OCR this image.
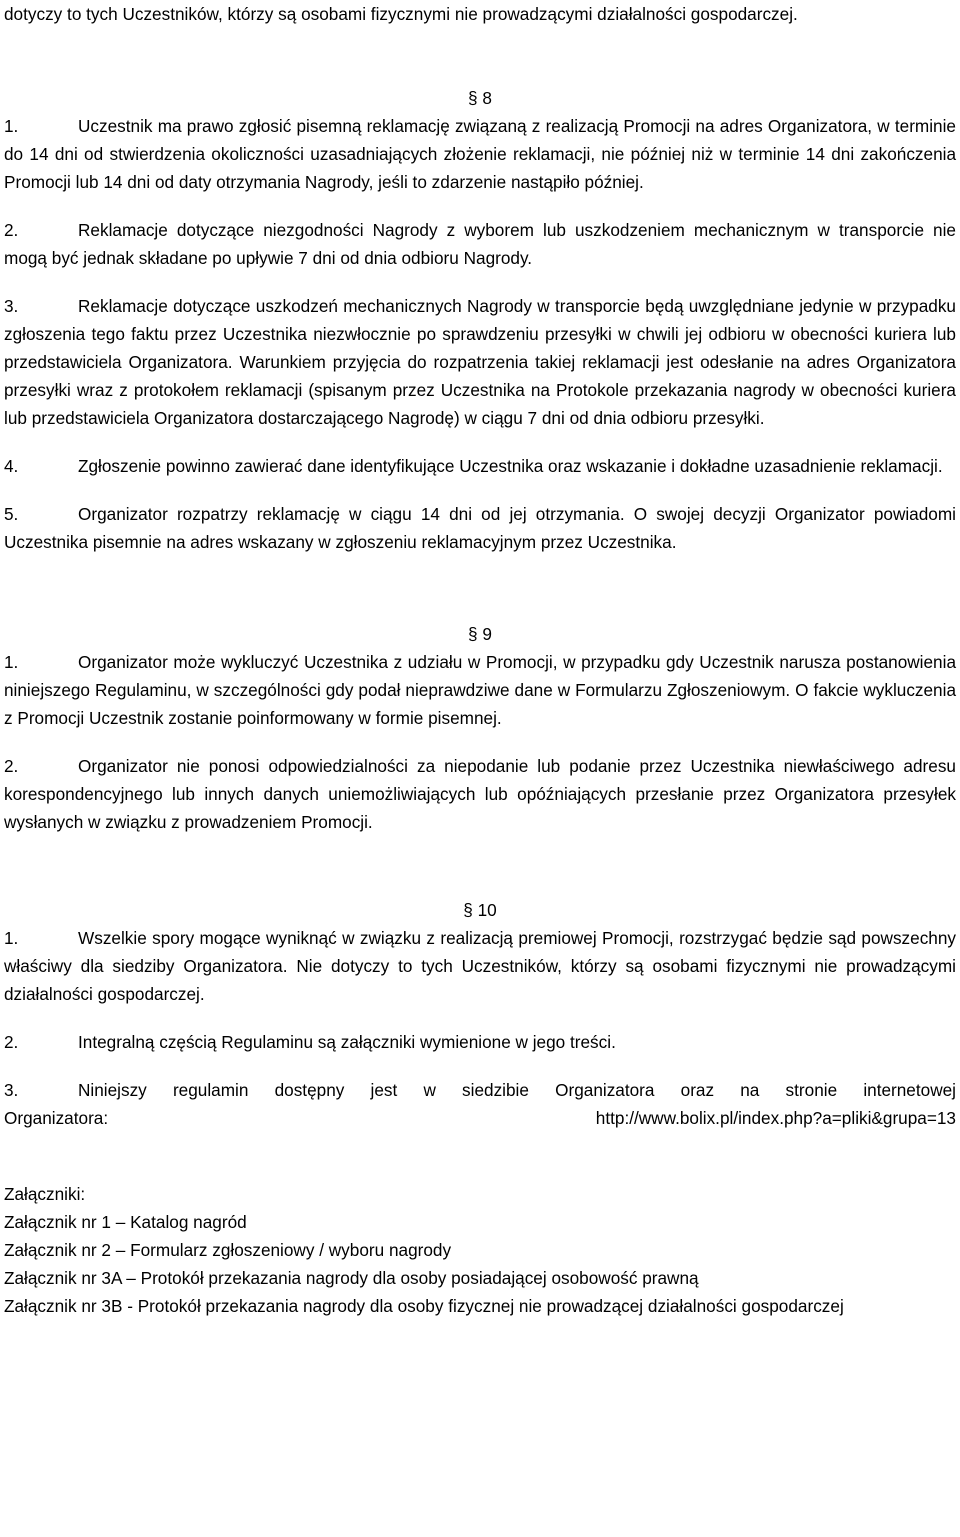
dotyczy to tych Uczestników, którzy są osobami fizycznymi nie prowadzącymi działalności gospodarczej.

§ 8

1.	Uczestnik ma prawo zgłosić pisemną reklamację związaną z realizacją Promocji na adres Organizatora, w terminie do 14 dni od stwierdzenia okoliczności uzasadniających złożenie reklamacji, nie później niż w terminie 14 dni zakończenia Promocji lub 14 dni od daty otrzymania Nagrody, jeśli to zdarzenie nastąpiło później.

2.	Reklamacje dotyczące niezgodności Nagrody z wyborem lub uszkodzeniem mechanicznym w transporcie nie mogą być jednak składane po upływie 7 dni od dnia odbioru Nagrody.

3.	Reklamacje dotyczące uszkodzeń mechanicznych Nagrody w transporcie będą uwzględniane jedynie w przypadku zgłoszenia tego faktu przez Uczestnika niezwłocznie po sprawdzeniu przesyłki w chwili jej odbioru w obecności kuriera lub przedstawiciela Organizatora. Warunkiem przyjęcia do rozpatrzenia takiej reklamacji jest odesłanie na adres Organizatora przesyłki wraz z protokołem reklamacji (spisanym przez Uczestnika na Protokole przekazania nagrody w obecności kuriera lub przedstawiciela Organizatora dostarczającego Nagrodę) w ciągu 7 dni od dnia odbioru przesyłki.

4.	Zgłoszenie powinno zawierać dane identyfikujące Uczestnika oraz wskazanie i dokładne uzasadnienie reklamacji.

5.	Organizator rozpatrzy reklamację w ciągu 14 dni od jej otrzymania. O swojej decyzji Organizator powiadomi Uczestnika pisemnie na adres wskazany w zgłoszeniu reklamacyjnym przez Uczestnika.

§ 9

1.	Organizator może wykluczyć Uczestnika z udziału w Promocji, w przypadku gdy Uczestnik narusza postanowienia niniejszego Regulaminu, w szczególności gdy podał nieprawdziwe dane w Formularzu Zgłoszeniowym. O fakcie wykluczenia z Promocji Uczestnik zostanie poinformowany w formie pisemnej.

2.	Organizator nie ponosi odpowiedzialności za niepodanie lub podanie przez Uczestnika niewłaściwego adresu korespondencyjnego lub innych danych uniemożliwiających lub opóźniających przesłanie przez Organizatora przesyłek wysłanych w związku z prowadzeniem Promocji.

§ 10

1.	Wszelkie spory mogące wyniknąć w związku z realizacją premiowej Promocji, rozstrzygać będzie sąd powszechny właściwy dla siedziby Organizatora. Nie dotyczy to tych Uczestników, którzy są osobami fizycznymi nie prowadzącymi działalności gospodarczej.

2.	Integralną częścią Regulaminu są załączniki wymienione w jego treści.

3.	Niniejszy regulamin dostępny jest w siedzibie Organizatora oraz na stronie internetowej

Organizatora:	http://www.bolix.pl/index.php?a=pliki&grupa=13

Załączniki:

Załącznik nr 1 – Katalog nagród

Załącznik nr 2 – Formularz zgłoszeniowy / wyboru nagrody

Załącznik nr 3A – Protokół przekazania nagrody dla osoby posiadającej osobowość prawną

Załącznik nr 3B - Protokół przekazania nagrody dla osoby fizycznej nie prowadzącej działalności gospodarczej
